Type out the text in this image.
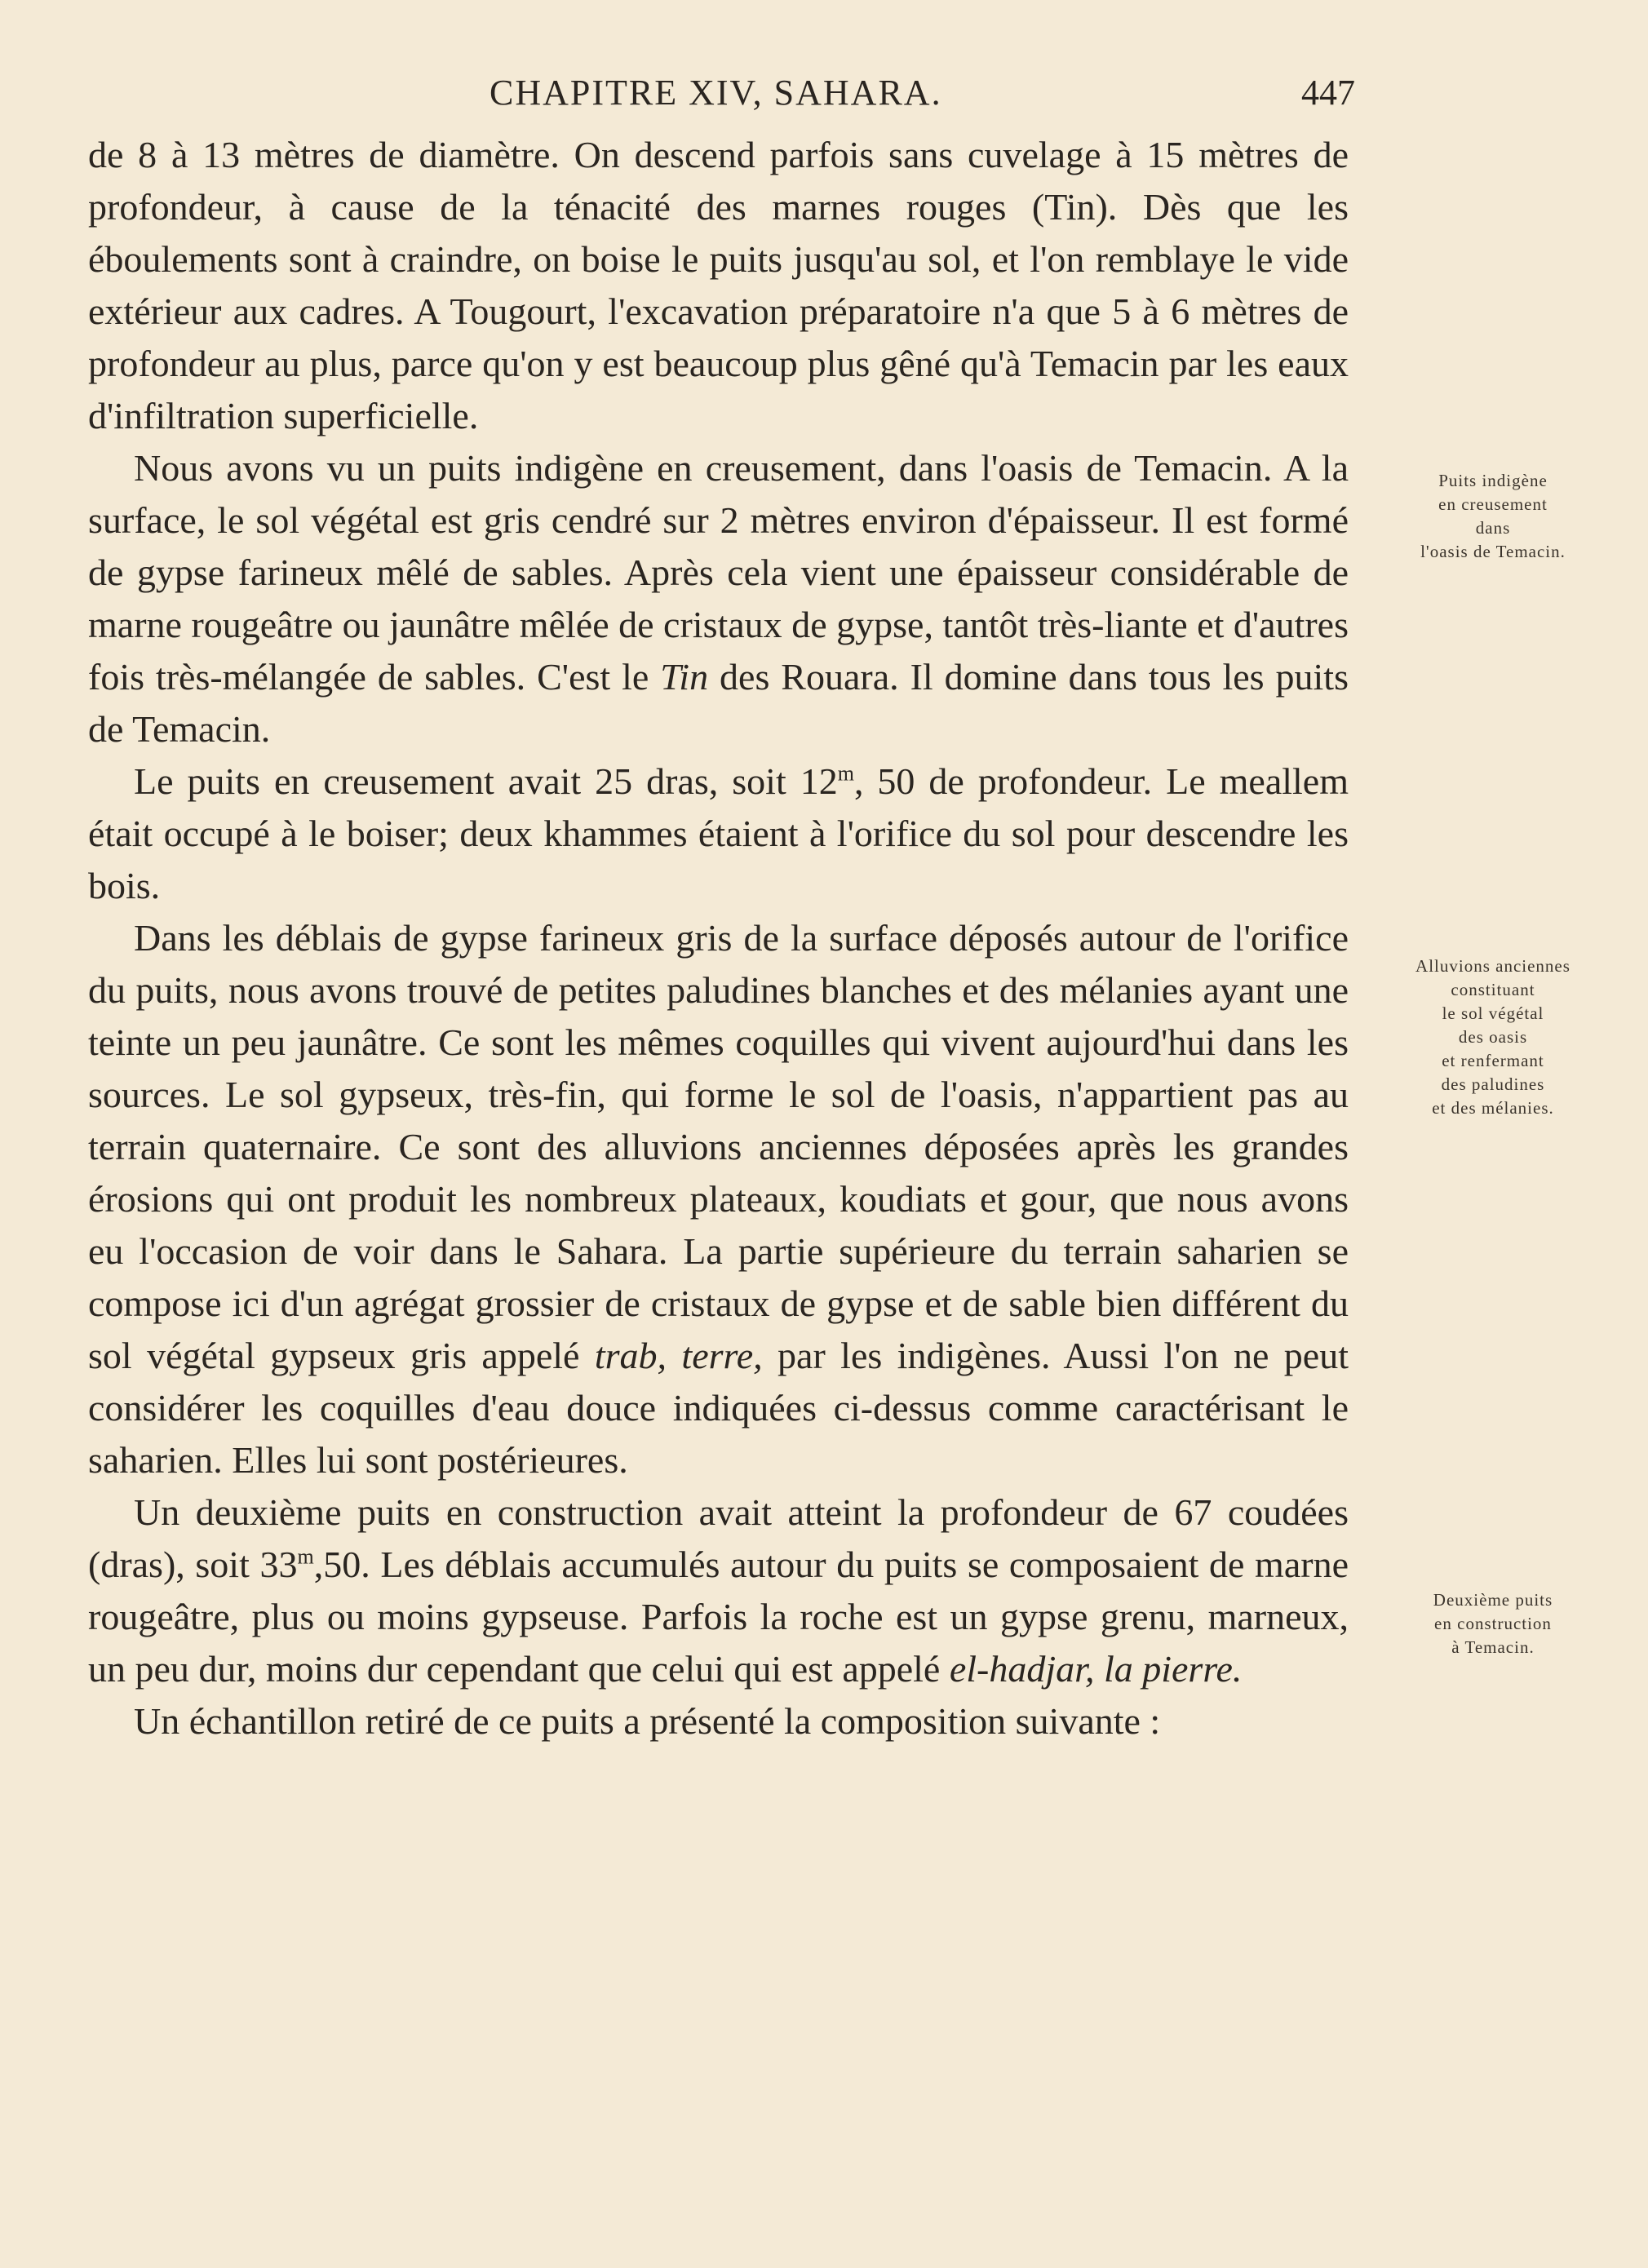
CHAPITRE XIV, SAHARA.	447

de 8 à 13 mètres de diamètre. On descend parfois sans cuvelage à 15 mètres de profondeur, à cause de la ténacité des marnes rouges (Tin). Dès que les éboulements sont à craindre, on boise le puits jusqu'au sol, et l'on remblaye le vide extérieur aux cadres. A Tougourt, l'excavation préparatoire n'a que 5 à 6 mètres de profondeur au plus, parce qu'on y est beaucoup plus gêné qu'à Temacin par les eaux d'infiltration superficielle.

Nous avons vu un puits indigène en creusement, dans l'oasis de Temacin. A la surface, le sol végétal est gris cendré sur 2 mètres environ d'épaisseur. Il est formé de gypse farineux mêlé de sables. Après cela vient une épaisseur considérable de marne rougeâtre ou jaunâtre mêlée de cristaux de gypse, tantôt très-liante et d'autres fois très-mélangée de sables. C'est le Tin des Rouara. Il domine dans tous les puits de Temacin.

Le puits en creusement avait 25 dras, soit 12$^m$, 50 de profondeur. Le meallem était occupé à le boiser; deux khammes étaient à l'orifice du sol pour descendre les bois.

Dans les déblais de gypse farineux gris de la surface déposés autour de l'orifice du puits, nous avons trouvé de petites paludines blanches et des mélanies ayant une teinte un peu jaunâtre. Ce sont les mêmes coquilles qui vivent aujourd'hui dans les sources. Le sol gypseux, très-fin, qui forme le sol de l'oasis, n'appartient pas au terrain quaternaire. Ce sont des alluvions anciennes déposées après les grandes érosions qui ont produit les nombreux plateaux, koudiats et gour, que nous avons eu l'occasion de voir dans le Sahara. La partie supérieure du terrain saharien se compose ici d'un agrégat grossier de cristaux de gypse et de sable bien différent du sol végétal gypseux gris appelé trab, terre, par les indigènes. Aussi l'on ne peut considérer les coquilles d'eau douce indiquées ci-dessus comme caractérisant le saharien. Elles lui sont postérieures.

Un deuxième puits en construction avait atteint la profondeur de 67 coudées (dras), soit 33$^m$,50. Les déblais accumulés autour du puits se composaient de marne rougeâtre, plus ou moins gypseuse. Parfois la roche est un gypse grenu, marneux, un peu dur, moins dur cependant que celui qui est appelé el-hadjar, la pierre.

Un échantillon retiré de ce puits a présenté la composition suivante :

Puits indigène
en creusement
dans
l'oasis de Temacin.
Alluvions anciennes
constituant
le sol végétal
des oasis
et renfermant
des paludines
et des mélanies.
Deuxième puits
en construction
à Temacin.
